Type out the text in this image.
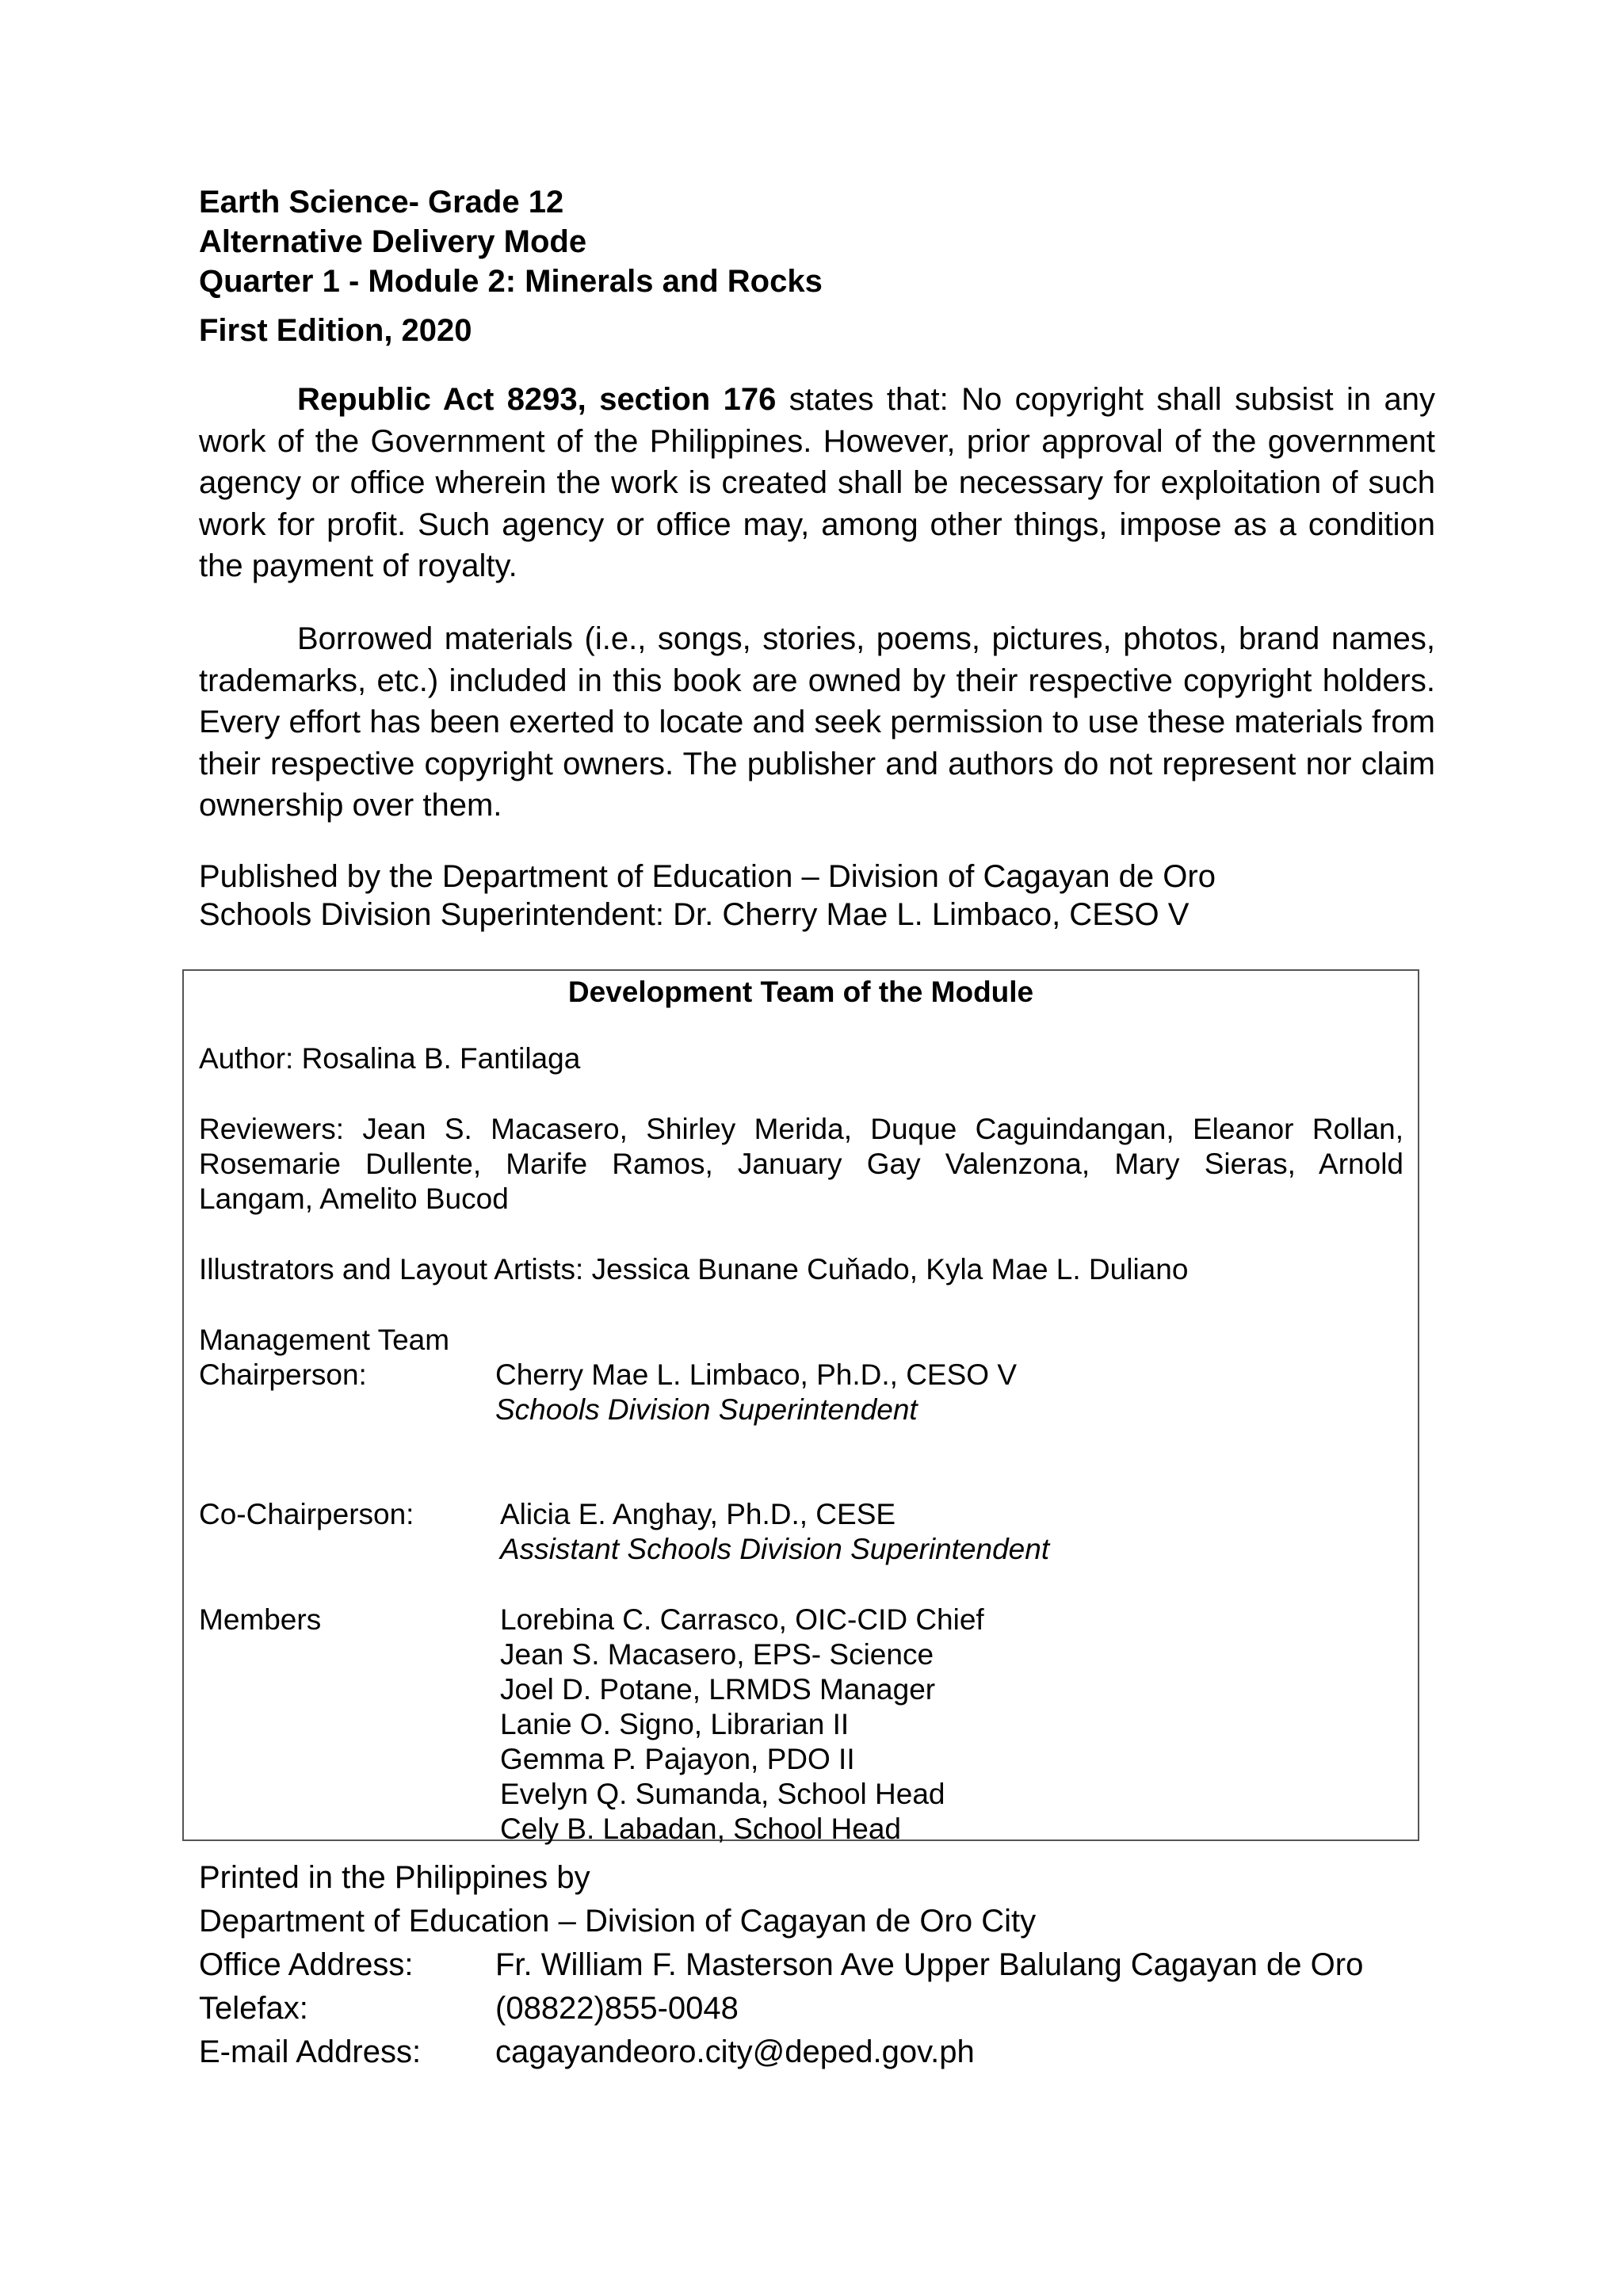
Earth Science- Grade 12
Alternative Delivery Mode
Quarter 1 - Module 2: Minerals and Rocks
First Edition, 2020

Republic Act 8293, section 176 states that: No copyright shall subsist in any work of the Government of the Philippines. However, prior approval of the government agency or office wherein the work is created shall be necessary for exploitation of such work for profit. Such agency or office may, among other things, impose as a condition the payment of royalty.

Borrowed materials (i.e., songs, stories, poems, pictures, photos, brand names, trademarks, etc.) included in this book are owned by their respective copyright holders. Every effort has been exerted to locate and seek permission to use these materials from their respective copyright owners. The publisher and authors do not represent nor claim ownership over them.

Published by the Department of Education – Division of Cagayan de Oro
Schools Division Superintendent: Dr. Cherry Mae L. Limbaco, CESO V
Development Team of the Module
Author: Rosalina B. Fantilaga
Reviewers: Jean S. Macasero, Shirley Merida, Duque Caguindangan, Eleanor Rollan,
Rosemarie Dullente, Marife Ramos, January Gay Valenzona, Mary Sieras, Arnold
Langam, Amelito Bucod
Illustrators and Layout Artists: Jessica Bunane Cuňado, Kyla Mae L. Duliano
Management Team
Chairperson:	Cherry Mae L. Limbaco, Ph.D., CESO V
Schools Division Superintendent
Co-Chairperson:	Alicia E. Anghay, Ph.D., CESE
Assistant Schools Division Superintendent
Members	Lorebina C. Carrasco, OIC-CID Chief
Jean S. Macasero, EPS- Science
Joel D. Potane, LRMDS Manager
Lanie O. Signo, Librarian II
Gemma P. Pajayon, PDO II
Evelyn Q. Sumanda, School Head
Cely B. Labadan, School Head
Printed in the Philippines by
Department of Education – Division of Cagayan de Oro City
Office Address:	Fr. William F. Masterson Ave Upper Balulang Cagayan de Oro
Telefax:	(08822)855-0048
E-mail Address: cagayandeoro.city@deped.gov.ph
